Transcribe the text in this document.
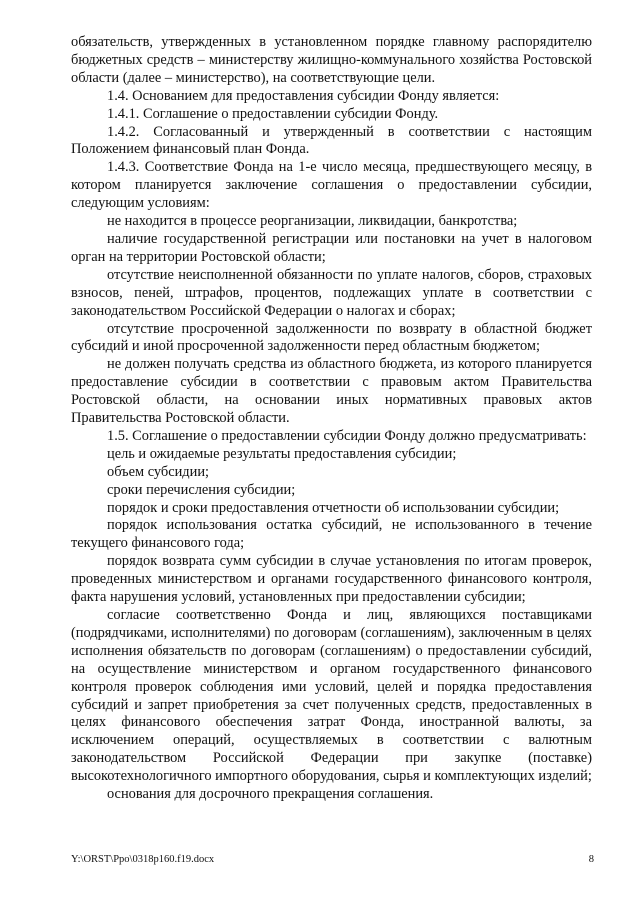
обязательств, утвержденных в установленном порядке главному распорядителю бюджетных средств – министерству жилищно-коммунального хозяйства Ростовской области (далее – министерство), на соответствующие цели.

1.4. Основанием для предоставления субсидии Фонду является:

1.4.1. Соглашение о предоставлении субсидии Фонду.

1.4.2. Согласованный и утвержденный в соответствии с настоящим Положением финансовый план Фонда.

1.4.3. Соответствие Фонда на 1-е число месяца, предшествующего месяцу, в котором планируется заключение соглашения о предоставлении субсидии, следующим условиям:

не находится в процессе реорганизации, ликвидации, банкротства;

наличие государственной регистрации или постановки на учет в налоговом орган на территории Ростовской области;

отсутствие неисполненной обязанности по уплате налогов, сборов, страховых взносов, пеней, штрафов, процентов, подлежащих уплате в соответствии с законодательством Российской Федерации о налогах и сборах;

отсутствие просроченной задолженности по возврату в областной бюджет субсидий и иной просроченной задолженности перед областным бюджетом;

не должен получать средства из областного бюджета, из которого планируется предоставление субсидии в соответствии с правовым актом Правительства Ростовской области, на основании иных нормативных правовых актов Правительства Ростовской области.

1.5. Соглашение о предоставлении субсидии Фонду должно предусматривать:

цель и ожидаемые результаты предоставления субсидии;

объем субсидии;

сроки перечисления субсидии;

порядок и сроки предоставления отчетности об использовании субсидии;

порядок использования остатка субсидий, не использованного в течение текущего финансового года;

порядок возврата сумм субсидии в случае установления по итогам проверок, проведенных министерством и органами государственного финансового контроля, факта нарушения условий, установленных при предоставлении субсидии;

согласие соответственно Фонда и лиц, являющихся поставщиками (подрядчиками, исполнителями) по договорам (соглашениям), заключенным в целях исполнения обязательств по договорам (соглашениям) о предоставлении субсидий, на осуществление министерством и органом государственного финансового контроля проверок соблюдения ими условий, целей и порядка предоставления субсидий и запрет приобретения за счет полученных средств, предоставленных в целях финансового обеспечения затрат Фонда, иностранной валюты, за исключением операций, осуществляемых в соответствии с валютным законодательством Российской Федерации при закупке (поставке) высокотехнологичного импортного оборудования, сырья и комплектующих изделий;

основания для досрочного прекращения соглашения.

Y:\ORST\Ppo\0318p160.f19.docx	8
